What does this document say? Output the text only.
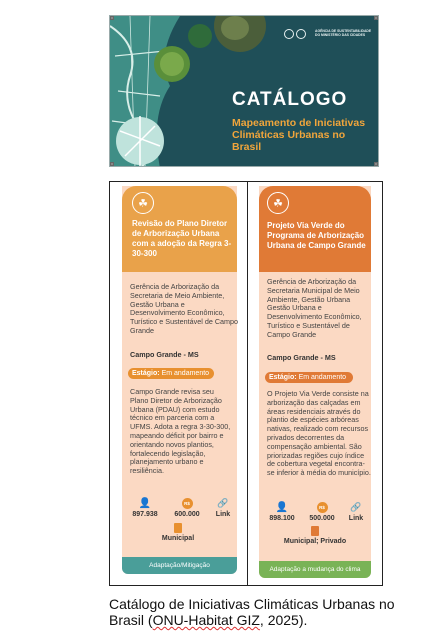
AGÊNCIA DE SUSTENTABILIDADE DO MINISTÉRIO DAS CIDADES
CATÁLOGO
Mapeamento de Iniciativas Climáticas Urbanas no Brasil
☘
Revisão do Plano Diretor de Arborização Urbana com a adoção da Regra 3-30-300
Gerência de Arborização da Secretaria de Meio Ambiente, Gestão Urbana e Desenvolvimento Econômico, Turístico e Sustentável de Campo Grande
Campo Grande - MS
Estágio: Em andamento
Campo Grande revisa seu Plano Diretor de Arborização Urbana (PDAU) com estudo técnico em parceria com a UFMS. Adota a regra 3-30-300, mapeando déficit por bairro e orientando novos plantios, fortalecendo legislação, planejamento urbano e resiliência.
👤
897.938
R$
600.000
🔗
Link
Municipal
Adaptação/Mitigação
☘
Projeto Via Verde do Programa de Arborização Urbana de Campo Grande
Gerência de Arborização da Secretaria Municipal de Meio Ambiente, Gestão Urbana Gestão Urbana e Desenvolvimento Econômico, Turístico e Sustentável de Campo Grande
Campo Grande - MS
Estágio: Em andamento
O Projeto Via Verde consiste na arborização das calçadas em áreas residenciais através do plantio de espécies arbóreas nativas, realizado com recursos privados decorrentes da compensação ambiental. São priorizadas regiões cujo índice de cobertura vegetal encontra-se inferior à média do município.
👤
898.100
R$
500.000
🔗
Link
Municipal; Privado
Adaptação a mudança do clima
Catálogo de Iniciativas Climáticas Urbanas no Brasil (ONU-Habitat GIZ, 2025).
